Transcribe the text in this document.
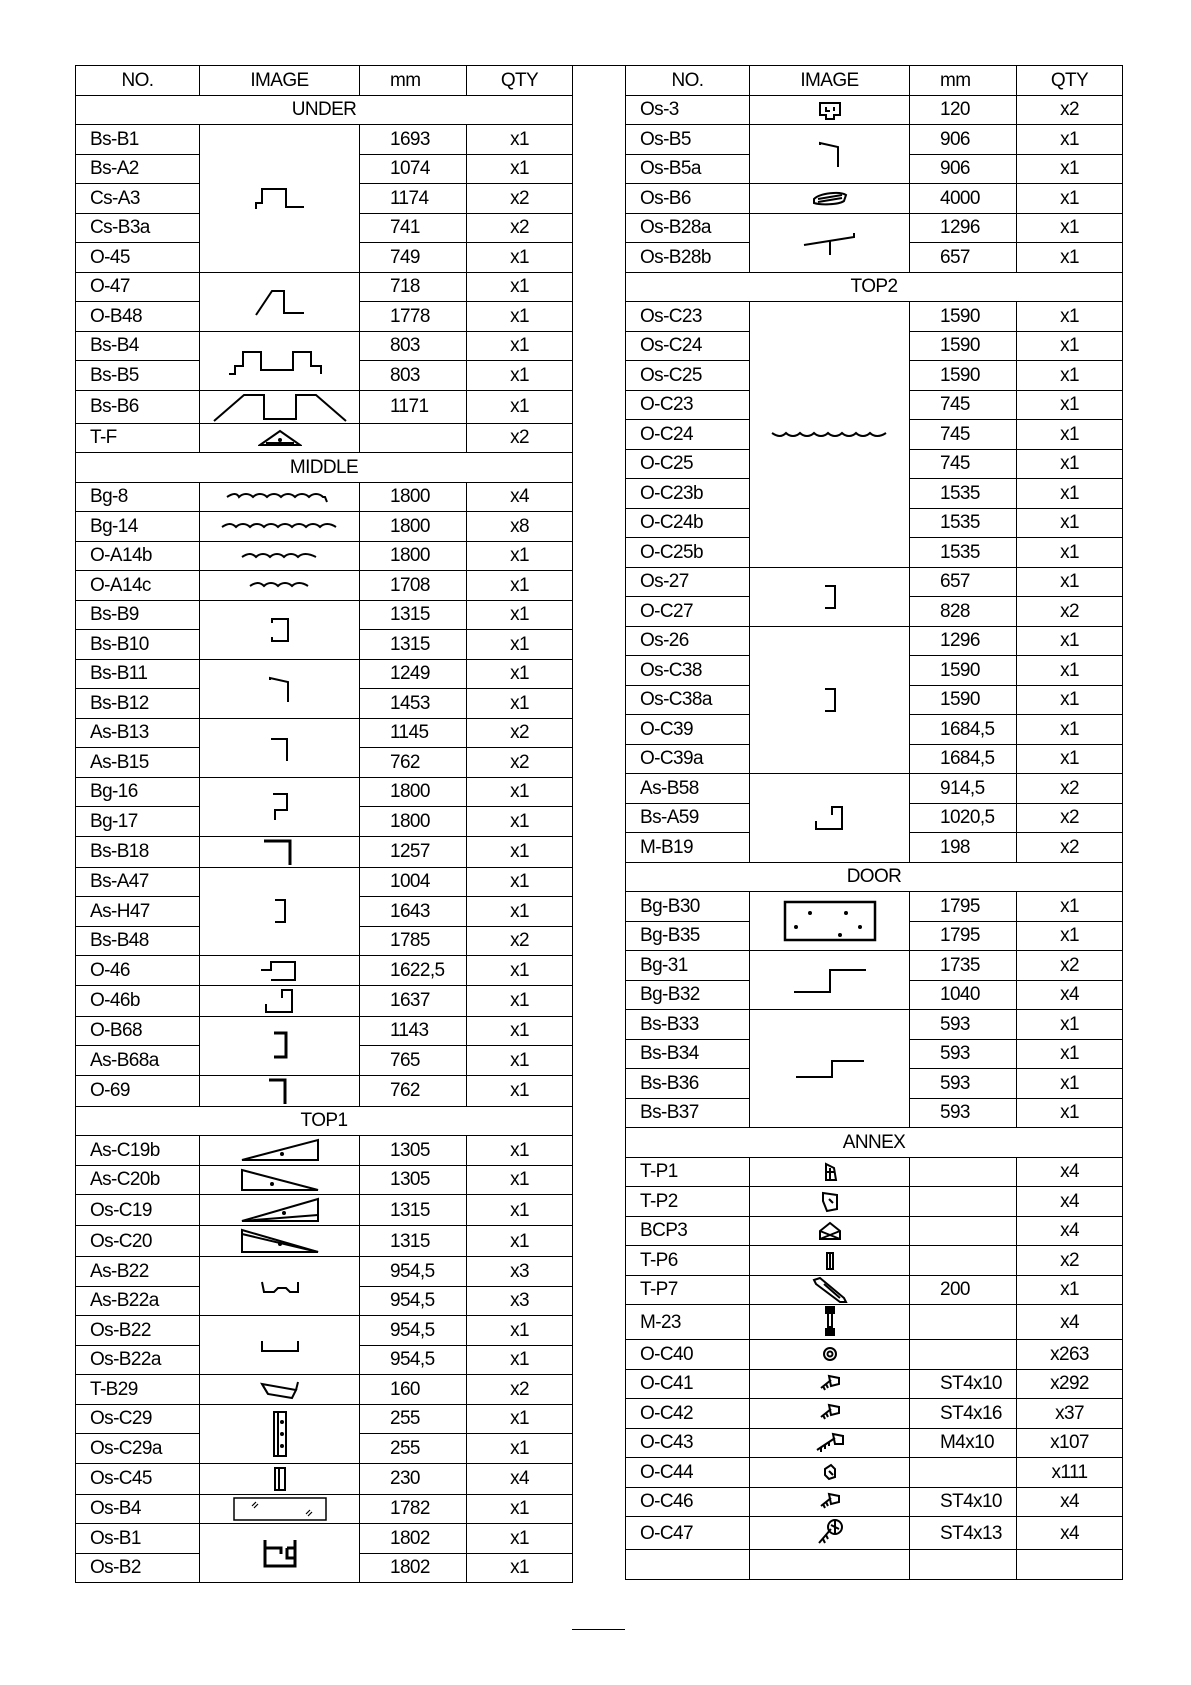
NO.	IMAGE	mm	QTY
UNDER			
Bs-B1		1693	x1
Bs-A2		1074	x1
Cs-A3		1174	x2
Cs-B3a		741	x2
O-45		749	x1
O-47		718	x1
O-B48		1778	x1
Bs-B4		803	x1
Bs-B5		803	x1
Bs-B6		1171	x1
T-F			x2
MIDDLE			
Bg-8		1800	x4
Bg-14		1800	x8
O-A14b		1800	x1
O-A14c		1708	x1
Bs-B9		1315	x1
Bs-B10		1315	x1
Bs-B11		1249	x1
Bs-B12		1453	x1
As-B13		1145	x2
As-B15		762	x2
Bg-16		1800	x1
Bg-17		1800	x1
Bs-B18		1257	x1
Bs-A47		1004	x1
As-H47		1643	x1
Bs-B48		1785	x2
O-46		1622,5	x1
O-46b		1637	x1
O-B68		1143	x1
As-B68a		765	x1
O-69		762	x1
TOP1			
As-C19b		1305	x1
As-C20b		1305	x1
Os-C19		1315	x1
Os-C20		1315	x1
As-B22		954,5	x3
As-B22a		954,5	x3
Os-B22		954,5	x1
Os-B22a		954,5	x1
T-B29		160	x2
Os-C29		255	x1
Os-C29a		255	x1
Os-C45		230	x4
Os-B4		1782	x1
Os-B1		1802	x1
Os-B2		1802	x1
NO.	IMAGE	mm	QTY
Os-3		120	x2
Os-B5		906	x1
Os-B5a		906	x1
Os-B6		4000	x1
Os-B28a		1296	x1
Os-B28b		657	x1
TOP2			
Os-C23		1590	x1
Os-C24		1590	x1
Os-C25		1590	x1
O-C23		745	x1
O-C24		745	x1
O-C25		745	x1
O-C23b		1535	x1
O-C24b		1535	x1
O-C25b		1535	x1
Os-27		657	x1
O-C27		828	x2
Os-26		1296	x1
Os-C38		1590	x1
Os-C38a		1590	x1
O-C39		1684,5	x1
O-C39a		1684,5	x1
As-B58		914,5	x2
Bs-A59		1020,5	x2
M-B19		198	x2
DOOR			
Bg-B30		1795	x1
Bg-B35		1795	x1
Bg-31		1735	x2
Bg-B32		1040	x4
Bs-B33		593	x1
Bs-B34		593	x1
Bs-B36		593	x1
Bs-B37		593	x1
ANNEX			
T-P1			x4
T-P2			x4
BCP3			x4
T-P6			x2
T-P7		200	x1
M-23			x4
O-C40			x263
O-C41		ST4x10	x292
O-C42		ST4x16	x37
O-C43		M4x10	x107
O-C44			x111
O-C46		ST4x10	x4
O-C47		ST4x13	x4
